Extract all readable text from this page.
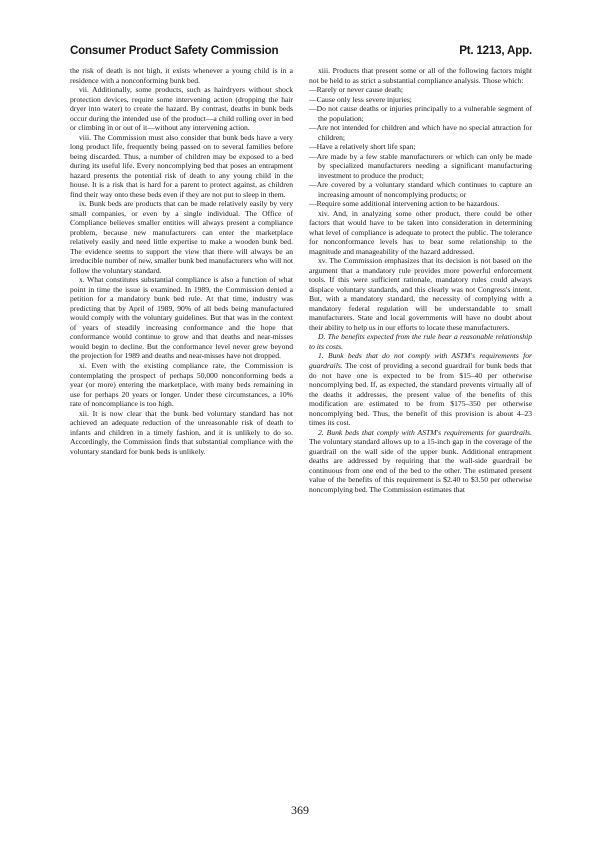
Consumer Product Safety Commission	Pt. 1213, App.

the risk of death is not high, it exists whenever a young child is in a residence with a nonconforming bunk bed.

vii. Additionally, some products, such as hairdryers without shock protection devices, require some intervening action (dropping the hair dryer into water) to create the hazard. By contrast, deaths in bunk beds occur during the intended use of the product—a child rolling over in bed or climbing in or out of it—without any intervening action.

viii. The Commission must also consider that bunk beds have a very long product life, frequently being passed on to several families before being discarded. Thus, a number of children may be exposed to a bed during its useful life. Every noncomplying bed that poses an entrapment hazard presents the potential risk of death to any young child in the house. It is a risk that is hard for a parent to protect against, as children find their way onto these beds even if they are not put to sleep in them.

ix. Bunk beds are products that can be made relatively easily by very small companies, or even by a single individual. The Office of Compliance believes smaller entities will always present a compliance problem, because new manufacturers can enter the marketplace relatively easily and need little expertise to make a wooden bunk bed. The evidence seems to support the view that there will always be an irreducible number of new, smaller bunk bed manufacturers who will not follow the voluntary standard.

x. What constitutes substantial compliance is also a function of what point in time the issue is examined. In 1989, the Commission denied a petition for a mandatory bunk bed rule. At that time, industry was predicting that by April of 1989, 90% of all beds being manufactured would comply with the voluntary guidelines. But that was in the context of years of steadily increasing conformance and the hope that conformance would continue to grow and that deaths and near-misses would begin to decline. But the conformance level never grew beyond the projection for 1989 and deaths and near-misses have not dropped.

xi. Even with the existing compliance rate, the Commission is contemplating the prospect of perhaps 50,000 nonconforming beds a year (or more) entering the marketplace, with many beds remaining in use for perhaps 20 years or longer. Under these circumstances, a 10% rate of noncompliance is too high.

xii. It is now clear that the bunk bed voluntary standard has not achieved an adequate reduction of the unreasonable risk of death to infants and children in a timely fashion, and it is unlikely to do so. Accordingly, the Commission finds that substantial compliance with the voluntary standard for bunk beds is unlikely.

xiii. Products that present some or all of the following factors might not be held to as strict a substantial compliance analysis. Those which:

—Rarely or never cause death;
—Cause only less severe injuries;
—Do not cause deaths or injuries principally to a vulnerable segment of the population;
—Are not intended for children and which have no special attraction for children;
—Have a relatively short life span;
—Are made by a few stable manufacturers or which can only be made by specialized manufacturers needing a significant manufacturing investment to produce the product;
—Are covered by a voluntary standard which continues to capture an increasing amount of noncomplying products; or
—Require some additional intervening action to be hazardous.

xiv. And, in analyzing some other product, there could be other factors that would have to be taken into consideration in determining what level of compliance is adequate to protect the public. The tolerance for nonconformance levels has to bear some relationship to the magnitude and manageability of the hazard addressed.

xv. The Commission emphasizes that its decision is not based on the argument that a mandatory rule provides more powerful enforcement tools. If this were sufficient rationale, mandatory rules could always displace voluntary standards, and this clearly was not Congress's intent. But, with a mandatory standard, the necessity of complying with a mandatory federal regulation will be understandable to small manufacturers. State and local governments will have no doubt about their ability to help us in our efforts to locate these manufacturers.

D. The benefits expected from the rule bear a reasonable relationship to its costs.

1. Bunk beds that do not comply with ASTM's requirements for guardrails. The cost of providing a second guardrail for bunk beds that do not have one is expected to be from $15–40 per otherwise noncomplying bed. If, as expected, the standard prevents virtually all of the deaths it addresses, the present value of the benefits of this modification are estimated to be from $175–350 per otherwise noncomplying bed. Thus, the benefit of this provision is about 4–23 times its cost.

2. Bunk beds that comply with ASTM's requirements for guardrails. The voluntary standard allows up to a 15-inch gap in the coverage of the guardrail on the wall side of the upper bunk. Additional entrapment deaths are addressed by requiring that the wall-side guardrail be continuous from one end of the bed to the other. The estimated present value of the benefits of this requirement is $2.40 to $3.50 per otherwise noncomplying bed. The Commission estimates that

369
